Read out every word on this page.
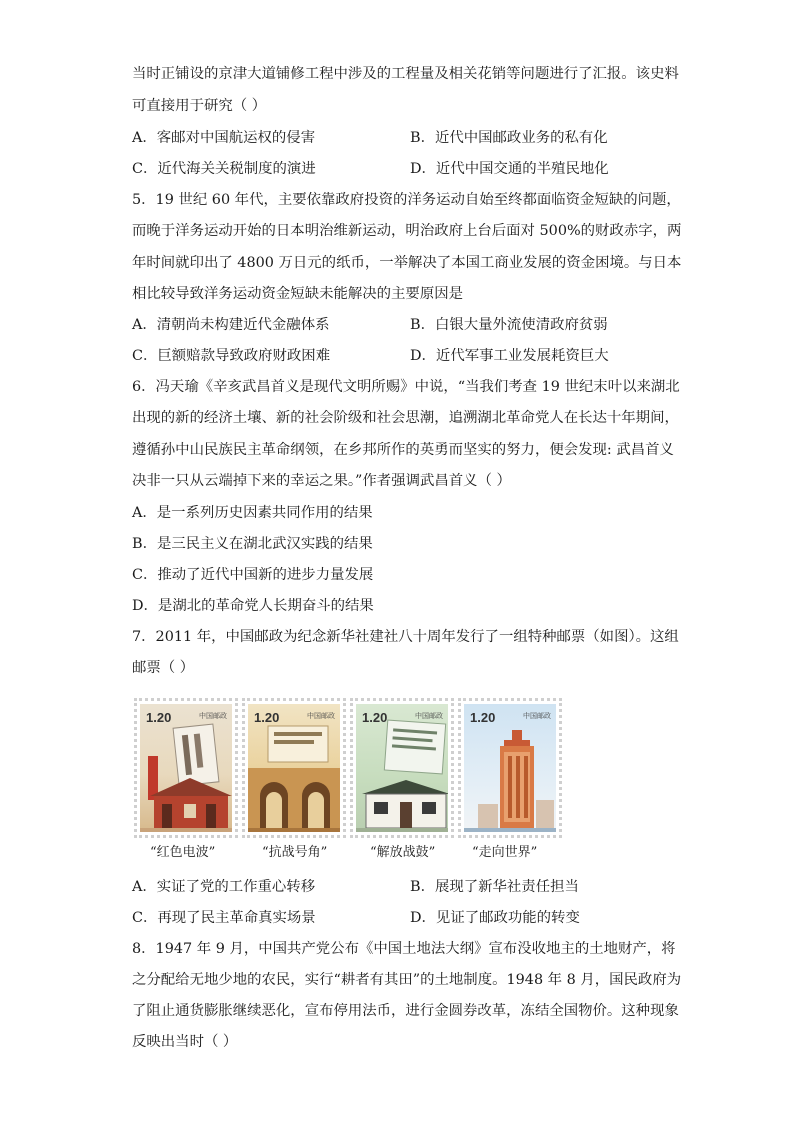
当时正铺设的京津大道铺修工程中涉及的工程量及相关花销等问题进行了汇报。该史料
可直接用于研究（ ）
A．客邮对中国航运权的侵害	B．近代中国邮政业务的私有化
C．近代海关关税制度的演进	D．近代中国交通的半殖民地化
5．19 世纪 60 年代，主要依靠政府投资的洋务运动自始至终都面临资金短缺的问题，
而晚于洋务运动开始的日本明治维新运动，明治政府上台后面对 500%的财政赤字，两
年时间就印出了 4800 万日元的纸币，一举解决了本国工商业发展的资金困境。与日本
相比较导致洋务运动资金短缺未能解决的主要原因是
A．清朝尚未构建近代金融体系	B．白银大量外流使清政府贫弱
C．巨额赔款导致政府财政困难	D．近代军事工业发展耗资巨大
6．冯天瑜《辛亥武昌首义是现代文明所赐》中说，“当我们考查 19 世纪末叶以来湖北
出现的新的经济土壤、新的社会阶级和社会思潮，追溯湖北革命党人在长达十年期间，
遵循孙中山民族民主革命纲领，在乡邦所作的英勇而坚实的努力，便会发现: 武昌首义
决非一只从云端掉下来的幸运之果。”作者强调武昌首义（ ）
A．是一系列历史因素共同作用的结果
B．是三民主义在湖北武汉实践的结果
C．推动了近代中国新的进步力量发展
D．是湖北的革命党人长期奋斗的结果
7．2011 年，中国邮政为纪念新华社建社八十周年发行了一组特种邮票（如图）。这组
邮票（ ）
1.20	中国邮政 1.20	中国邮政 1.20	中国邮政 1.20	中国邮政
“红色电波”	“抗战号角”	“解放战鼓”	“走向世界”
A．实证了党的工作重心转移	B．展现了新华社责任担当
C．再现了民主革命真实场景	D．见证了邮政功能的转变
8．1947 年 9 月，中国共产党公布《中国土地法大纲》宣布没收地主的土地财产，将
之分配给无地少地的农民，实行“耕者有其田”的土地制度。1948 年 8 月，国民政府为
了阻止通货膨胀继续恶化，宣布停用法币，进行金圆券改革，冻结全国物价。这种现象
反映出当时（ ）
